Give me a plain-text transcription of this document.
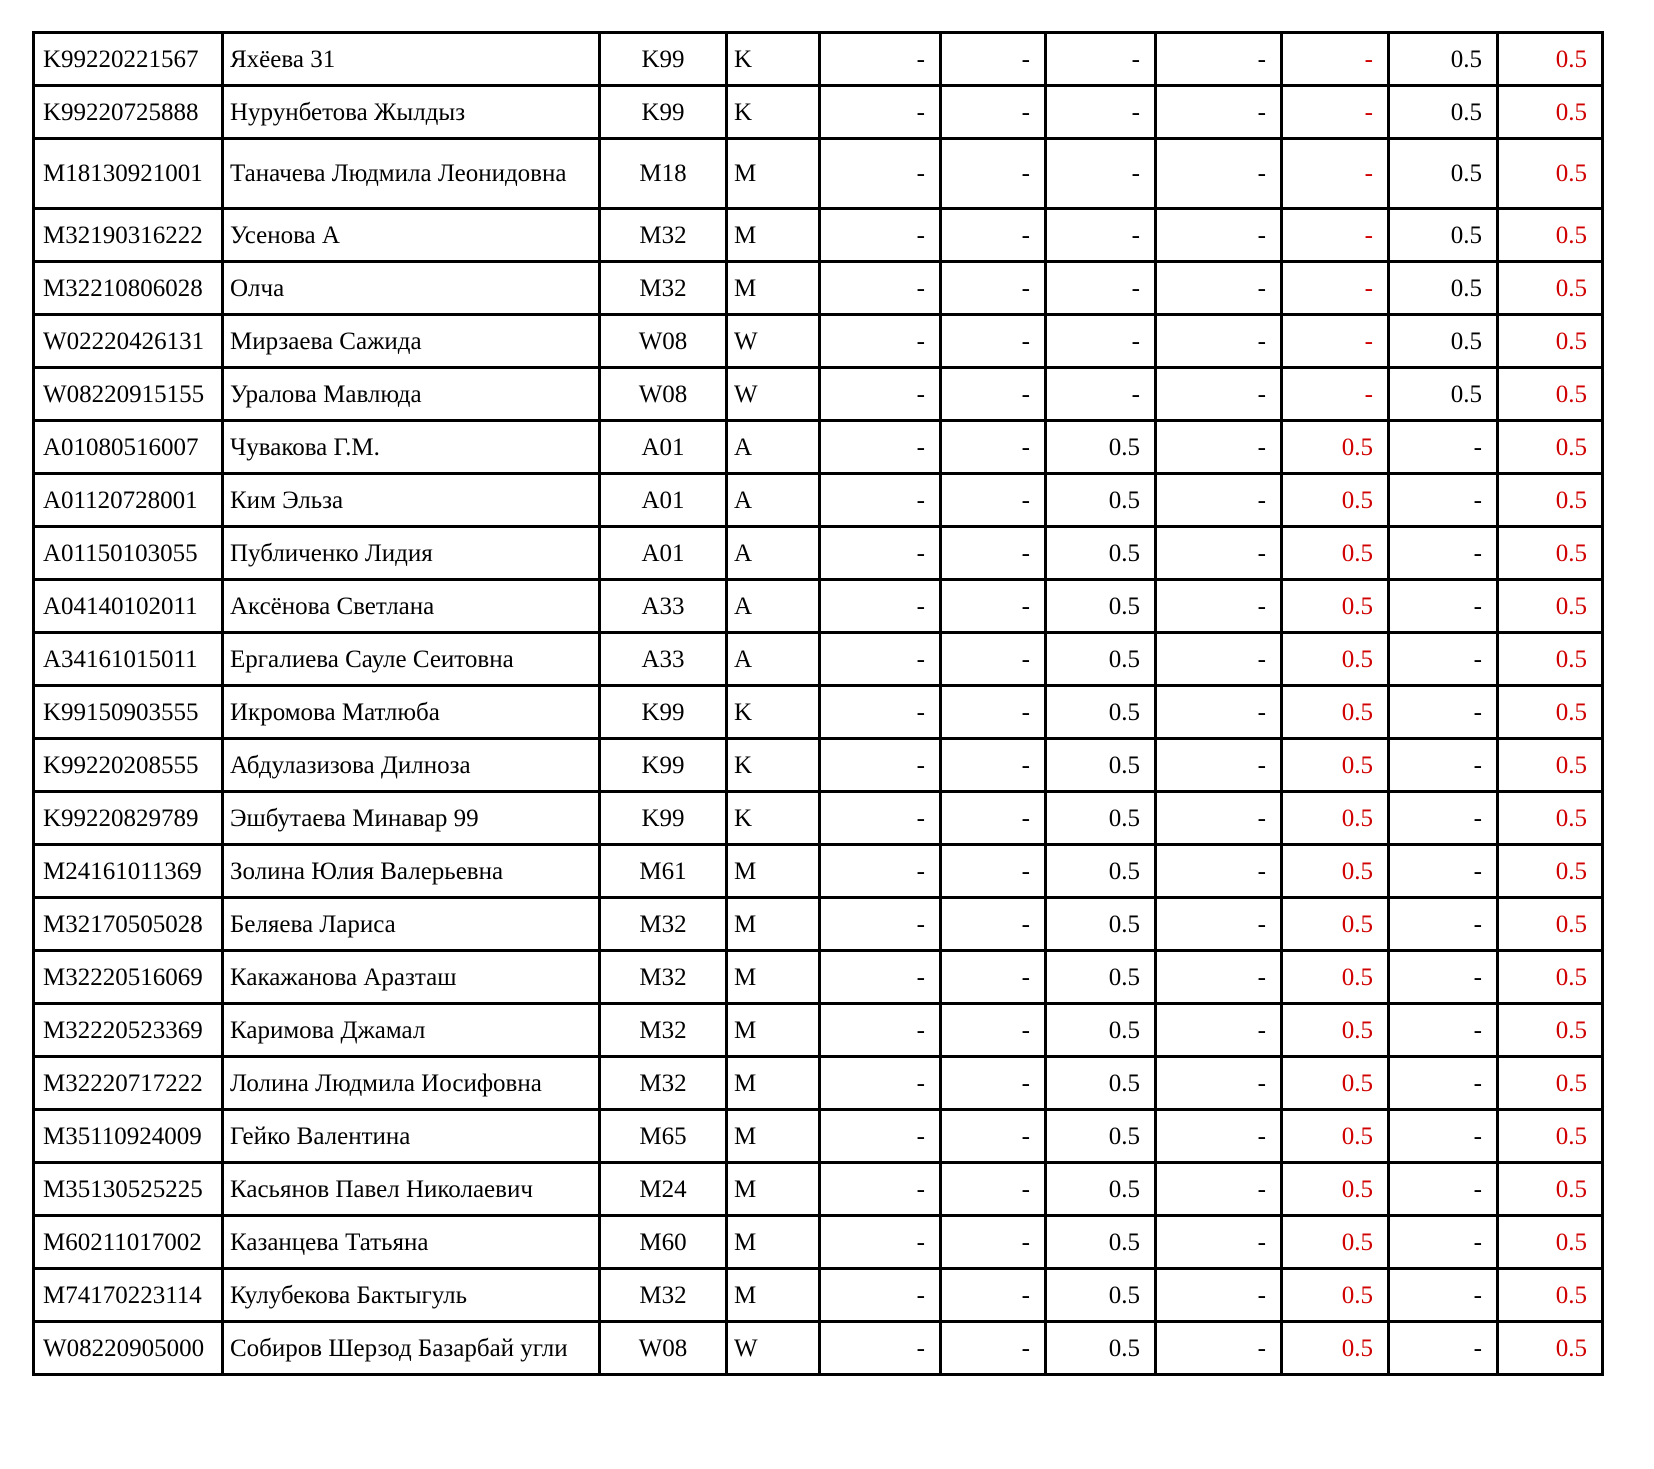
K99220221567	Яхёева 31	K99	K	-	-	-	-	-	0.5	0.5
K99220725888	Нурунбетова Жылдыз	K99	K	-	-	-	-	-	0.5	0.5
M18130921001	Таначева Людмила Леонидовна	M18	M	-	-	-	-	-	0.5	0.5
M32190316222	Усенова А	M32	M	-	-	-	-	-	0.5	0.5
M32210806028	Олча	M32	M	-	-	-	-	-	0.5	0.5
W02220426131	Мирзаева Сажида	W08	W	-	-	-	-	-	0.5	0.5
W08220915155	Уралова Мавлюда	W08	W	-	-	-	-	-	0.5	0.5
A01080516007	Чувакова Г.М.	A01	A	-	-	0.5	-	0.5	-	0.5
A01120728001	Ким Эльза	A01	A	-	-	0.5	-	0.5	-	0.5
A01150103055	Публиченко Лидия	A01	A	-	-	0.5	-	0.5	-	0.5
A04140102011	Аксёнова Светлана	A33	A	-	-	0.5	-	0.5	-	0.5
A34161015011	Ергалиева Сауле Сеитовна	A33	A	-	-	0.5	-	0.5	-	0.5
K99150903555	Икромова Матлюба	K99	K	-	-	0.5	-	0.5	-	0.5
K99220208555	Абдулазизова Дилноза	K99	K	-	-	0.5	-	0.5	-	0.5
K99220829789	Эшбутаева Минавар 99	K99	K	-	-	0.5	-	0.5	-	0.5
M24161011369	Золина Юлия Валерьевна	M61	M	-	-	0.5	-	0.5	-	0.5
M32170505028	Беляева Лариса	M32	M	-	-	0.5	-	0.5	-	0.5
M32220516069	Какажанова Аразташ	M32	M	-	-	0.5	-	0.5	-	0.5
M32220523369	Каримова Джамал	M32	M	-	-	0.5	-	0.5	-	0.5
M32220717222	Лолина Людмила Иосифовна	M32	M	-	-	0.5	-	0.5	-	0.5
M35110924009	Гейко Валентина	M65	M	-	-	0.5	-	0.5	-	0.5
M35130525225	Касьянов Павел Николаевич	M24	M	-	-	0.5	-	0.5	-	0.5
M60211017002	Казанцева Татьяна	M60	M	-	-	0.5	-	0.5	-	0.5
M74170223114	Кулубекова Бактыгуль	M32	M	-	-	0.5	-	0.5	-	0.5
W08220905000	Собиров Шерзод Базарбай угли	W08	W	-	-	0.5	-	0.5	-	0.5
